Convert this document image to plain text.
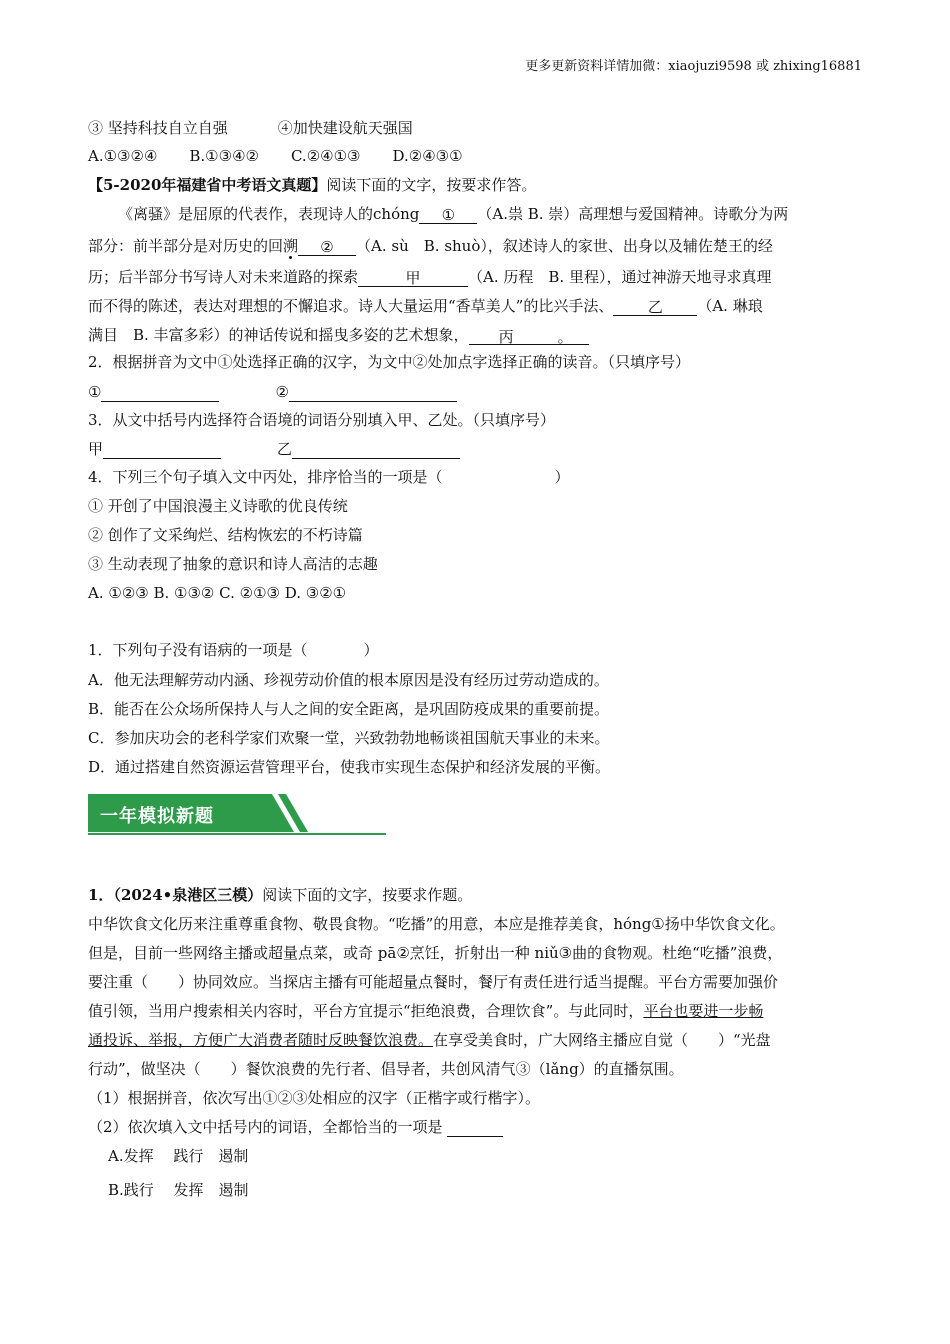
更多更新资料详情加微：xiaojuzi9598 或 zhixing16881
③ 坚持科技自立自强	④加快建设航天强国
A.①③②④ B.①③④② C.②④①③ D.②④③①
【5-2020年福建省中考语文真题】阅读下面的文字，按要求作答。
《离骚》是屈原的代表作，表现诗人的chóng ① （A.祟 B. 崇）高理想与爱国精神。诗歌分为两
部分：前半部分是对历史的回溯 ② （A. sù　B. shuò），叙述诗人的家世、出身以及辅佐楚王的经
历；后半部分书写诗人对未来道路的探索	甲	（A. 历程　B. 里程），通过神游天地寻求真理
而不得的陈述，表达对理想的不懈追求。诗人大量运用“香草美人”的比兴手法、 乙 （A. 琳琅
满目　B. 丰富多彩）的神话传说和摇曳多姿的艺术想象， 丙	。
2．根据拼音为文中①处选择正确的汉字，为文中②处加点字选择正确的读音。（只填序号）
①	②
3．从文中括号内选择符合语境的词语分别填入甲、乙处。（只填序号）
甲	乙
4．下列三个句子填入文中丙处，排序恰当的一项是（	）
① 开创了中国浪漫主义诗歌的优良传统
② 创作了文采绚烂、结构恢宏的不朽诗篇
③ 生动表现了抽象的意识和诗人高洁的志趣
A. ①②③ B. ①③② C. ②①③ D. ③②①
1．下列句子没有语病的一项是（	）
A．他无法理解劳动内涵、珍视劳动价值的根本原因是没有经历过劳动造成的。
B．能否在公众场所保持人与人之间的安全距离，是巩固防疫成果的重要前提。
C．参加庆功会的老科学家们欢聚一堂，兴致勃勃地畅谈祖国航天事业的未来。
D．通过搭建自然资源运营管理平台，使我市实现生态保护和经济发展的平衡。
一年模拟新题
1．（2024•泉港区三模）阅读下面的文字，按要求作题。
中华饮食文化历来注重尊重食物、敬畏食物。“吃播”的用意，本应是推荐美食，hóng①扬中华饮食文化。
但是，目前一些网络主播或超量点菜，或奇 pā②烹饪，折射出一种 niǔ③曲的食物观。杜绝“吃播”浪费，
要注重（　　）协同效应。当探店主播有可能超量点餐时，餐厅有责任进行适当提醒。平台方需要加强价
值引领，当用户搜索相关内容时，平台方宜提示“拒绝浪费，合理饮食”。与此同时，平台也要进一步畅
通投诉、举报，方便广大消费者随时反映餐饮浪费。在享受美食时，广大网络主播应自觉（　　）“光盘
行动”，做坚决（　　）餐饮浪费的先行者、倡导者，共创风清气③（lǎng）的直播氛围。
（1）根据拼音，依次写出①②③处相应的汉字（正楷字或行楷字）。
（2）依次填入文中括号内的词语，全都恰当的一项是
A.发挥　 践行　遏制
B.践行　 发挥　遏制
